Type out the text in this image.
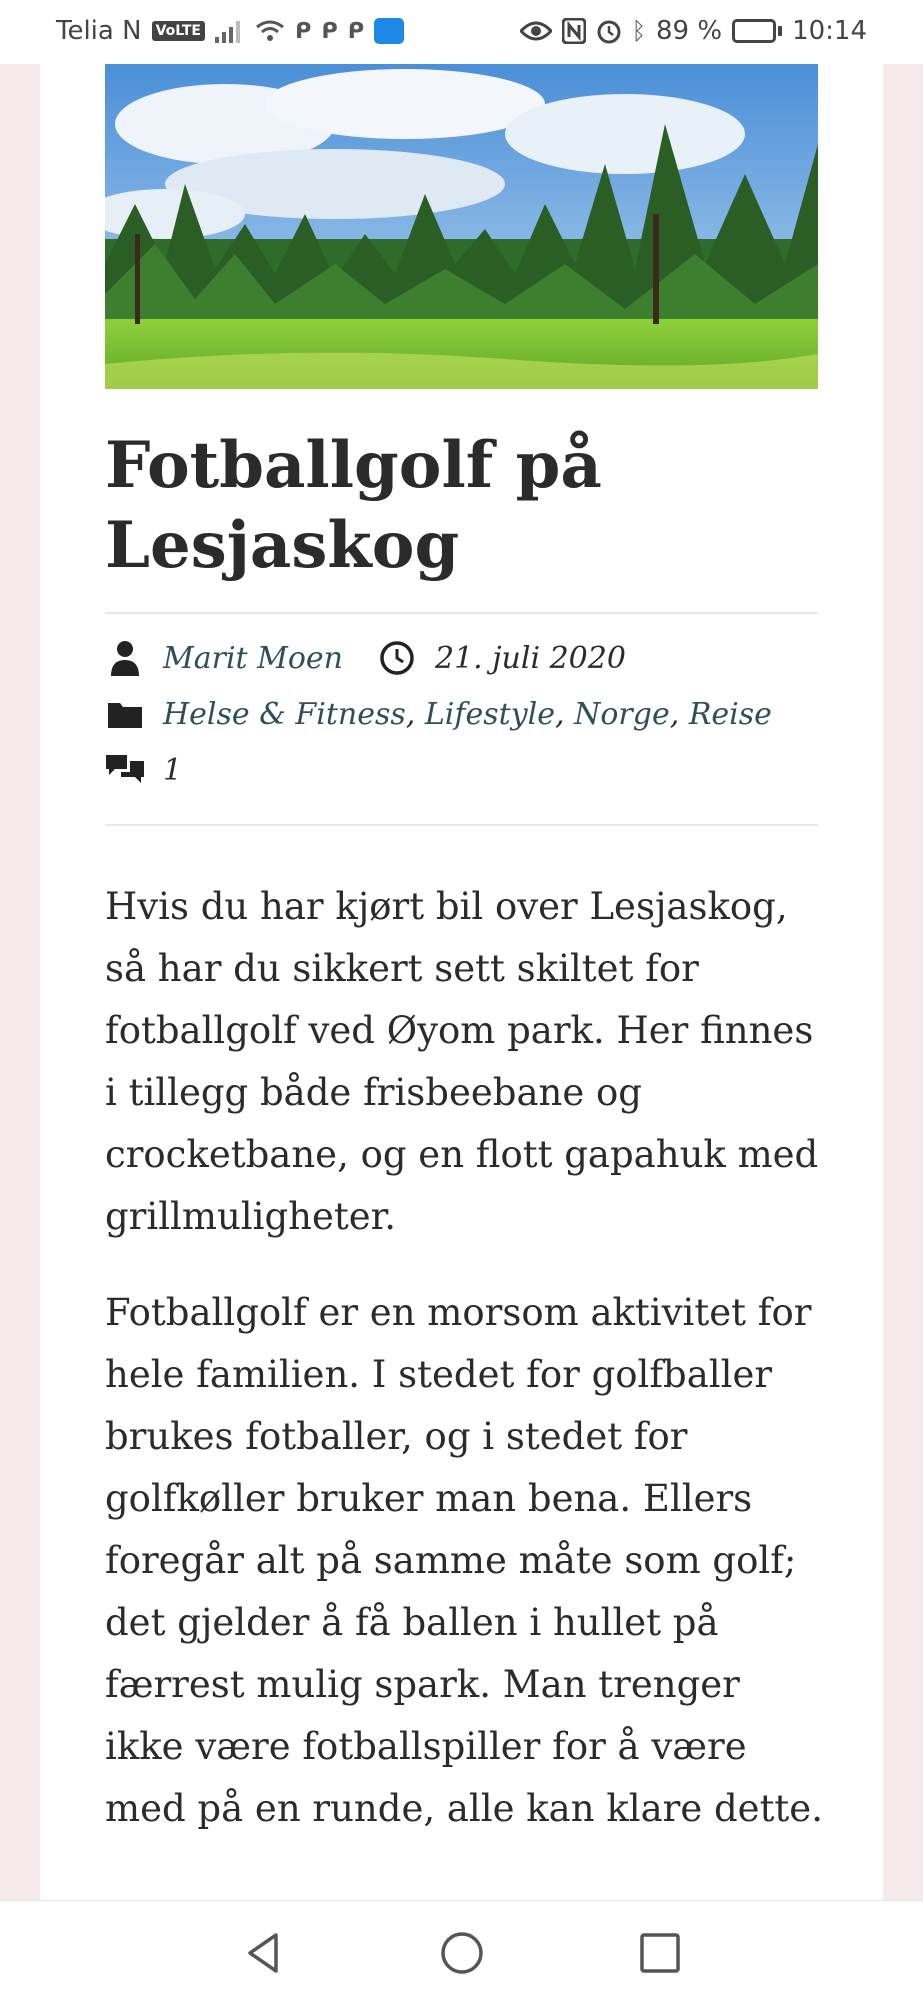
Telia N VoLTE	ᑭ ᑭ ᑭ	ᛒ 89 %	10:14
Fotballgolf på Lesjaskog
Marit Moen	21. juli 2020
Helse & Fitness ,
Lifestyle ,
Norge ,
Reise
1

Hvis du har kjørt bil over Lesjaskog, så har du sikkert sett skiltet for fotballgolf ved Øyom park. Her finnes i tillegg både frisbeebane og crocketbane, og en flott gapahuk med grillmuligheter.

Fotballgolf er en morsom aktivitet for hele familien. I stedet for golfballer brukes fotballer, og i stedet for golfkøller bruker man bena. Ellers foregår alt på samme måte som golf; det gjelder å få ballen i hullet på færrest mulig spark. Man trenger ikke være fotballspiller for å være med på en runde, alle kan klare dette.
